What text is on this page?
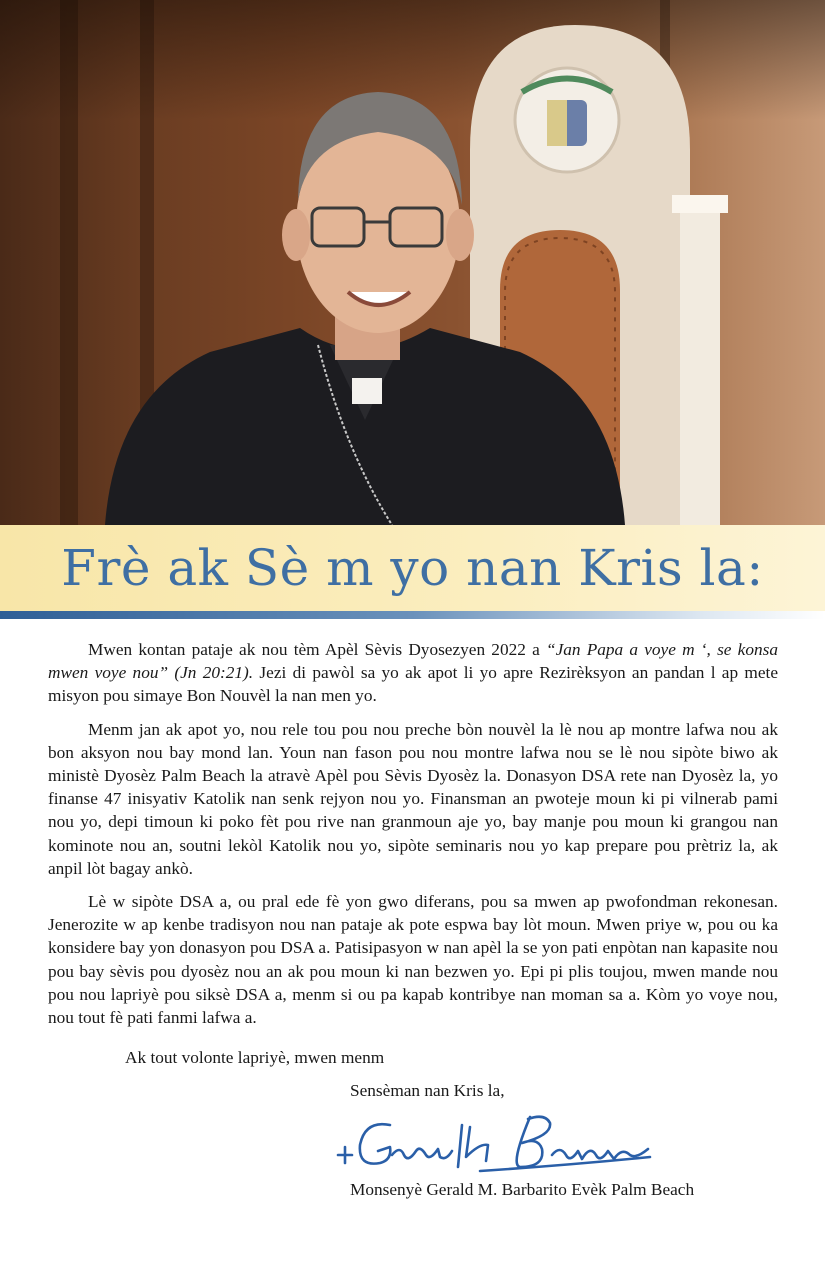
Frè ak Sè m yo nan Kris la:

Mwen kontan pataje ak nou tèm Apèl Sèvis Dyosezyen 2022 a “Jan Papa a voye m ‘, se konsa mwen voye nou” (Jn 20:21). Jezi di pawòl sa yo ak apot li yo apre Rezirèksyon an pandan l ap mete misyon pou simaye Bon Nouvèl la nan men yo.

Menm jan ak apot yo, nou rele tou pou nou preche bòn nouvèl la lè nou ap montre lafwa nou ak bon aksyon nou bay mond lan. Youn nan fason pou nou montre lafwa nou se lè nou sipòte biwo ak ministè Dyosèz Palm Beach la atravè Apèl pou Sèvis Dyosèz la. Donasyon DSA rete nan Dyosèz la, yo finanse 47 inisyativ Katolik nan senk rejyon nou yo. Finansman an pwoteje moun ki pi vilnerab pami nou yo, depi timoun ki poko fèt pou rive nan granmoun aje yo, bay manje pou moun ki grangou nan kominote nou an, soutni lekòl Katolik nou yo, sipòte seminaris nou yo kap prepare pou prètriz la, ak anpil lòt bagay ankò.

Lè w sipòte DSA a, ou pral ede fè yon gwo diferans, pou sa mwen ap pwofondman rekonesan. Jenerozite w ap kenbe tradisyon nou nan pataje ak pote espwa bay lòt moun. Mwen priye w, pou ou ka konsidere bay yon donasyon pou DSA a. Patisipasyon w nan apèl la se yon pati enpòtan nan kapasite nou pou bay sèvis pou dyosèz nou an ak pou moun ki nan bezwen yo. Epi pi plis toujou, mwen mande nou pou nou lapriyè pou siksè DSA a, menm si ou pa kapab kontribye nan moman sa a. Kòm yo voye nou, nou tout fè pati fanmi lafwa a.

Ak tout volonte lapriyè, mwen menm
Sensèman nan Kris la,
Monsenyè Gerald M. Barbarito Evèk Palm Beach
